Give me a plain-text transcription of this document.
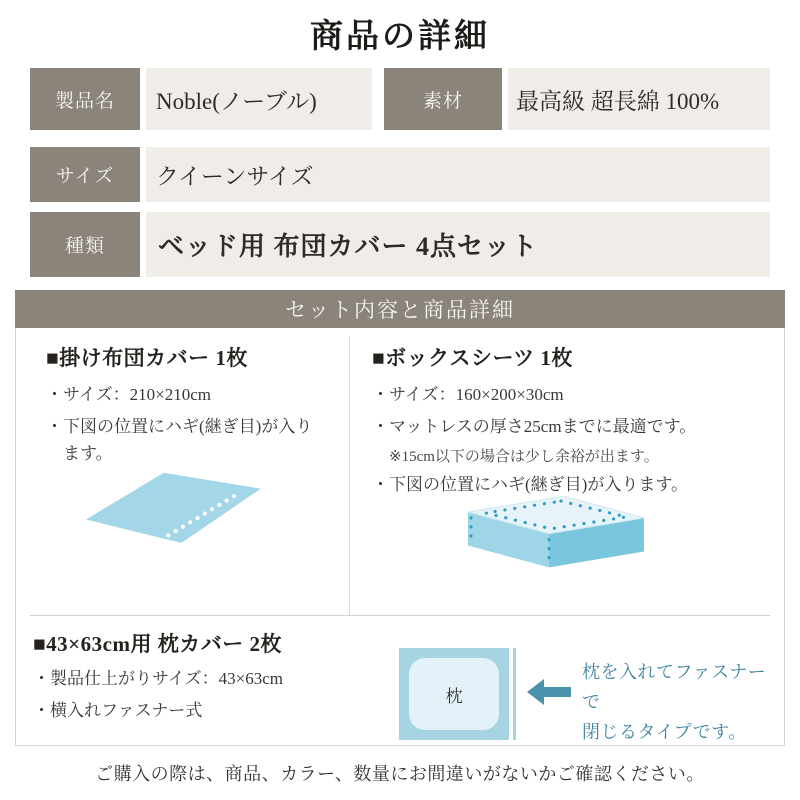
商品の詳細
製品名	Noble(ノーブル)	素材	最高級 超長綿 100%
サイズ	クイーンサイズ
種類	ベッド用 布団カバー 4点セット
セット内容と商品詳細
■掛け布団カバー 1枚
・サイズ：210×210cm
・下図の位置にハギ(継ぎ目)が入ります。
■ボックスシーツ 1枚
・サイズ：160×200×30cm
・マットレスの厚さ25cmまでに最適です。
※15cm以下の場合は少し余裕が出ます。
・下図の位置にハギ(継ぎ目)が入ります。
■43×63cm用 枕カバー 2枚
・製品仕上がりサイズ：43×63cm
・横入れファスナー式
枕
枕を入れてファスナーで
閉じるタイプです。
ご購入の際は、商品、カラー、数量にお間違いがないかご確認ください。
